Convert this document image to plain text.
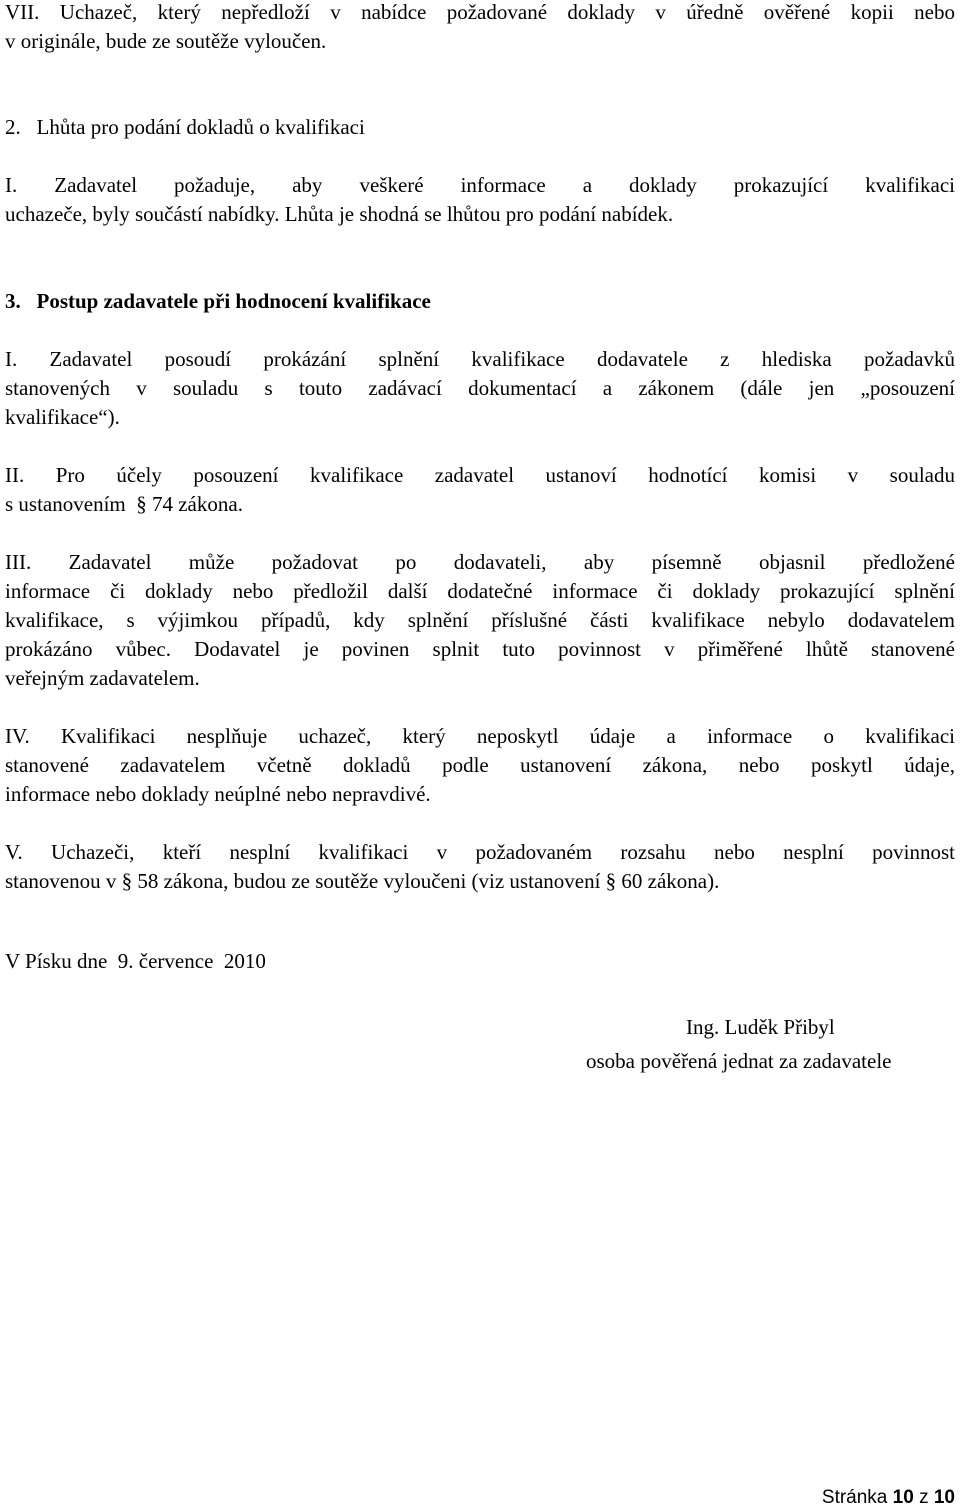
VII. Uchazeč, který nepředloží v nabídce požadované doklady v úředně ověřené kopii nebo
v originále, bude ze soutěže vyloučen.
2.   Lhůta pro podání dokladů o kvalifikaci
I. Zadavatel požaduje, aby veškeré informace a doklady prokazující kvalifikaci
uchazeče, byly součástí nabídky. Lhůta je shodná se lhůtou pro podání nabídek.
3.   Postup zadavatele při hodnocení kvalifikace
I. Zadavatel posoudí prokázání splnění kvalifikace dodavatele z hlediska požadavků
stanovených v souladu s touto zadávací dokumentací a zákonem (dále jen „posouzení
kvalifikace“).
II. Pro účely posouzení kvalifikace zadavatel ustanoví hodnotící komisi v souladu
s ustanovením  § 74 zákona.
III. Zadavatel může požadovat po dodavateli, aby písemně objasnil předložené
informace či doklady nebo předložil další dodatečné informace či doklady prokazující splnění
kvalifikace, s výjimkou případů, kdy splnění příslušné části kvalifikace nebylo dodavatelem
prokázáno vůbec. Dodavatel je povinen splnit tuto povinnost v přiměřené lhůtě stanovené
veřejným zadavatelem.
IV. Kvalifikaci nesplňuje uchazeč, který neposkytl údaje a informace o kvalifikaci
stanovené zadavatelem včetně dokladů podle ustanovení zákona, nebo poskytl údaje,
informace nebo doklady neúplné nebo nepravdivé.
V. Uchazeči, kteří nesplní kvalifikaci v požadovaném rozsahu nebo nesplní povinnost
stanovenou v § 58 zákona, budou ze soutěže vyloučeni (viz ustanovení § 60 zákona).
V Písku dne  9. července  2010
Ing. Luděk Přibyl
osoba pověřená jednat za zadavatele
Stránka 10 z 10
